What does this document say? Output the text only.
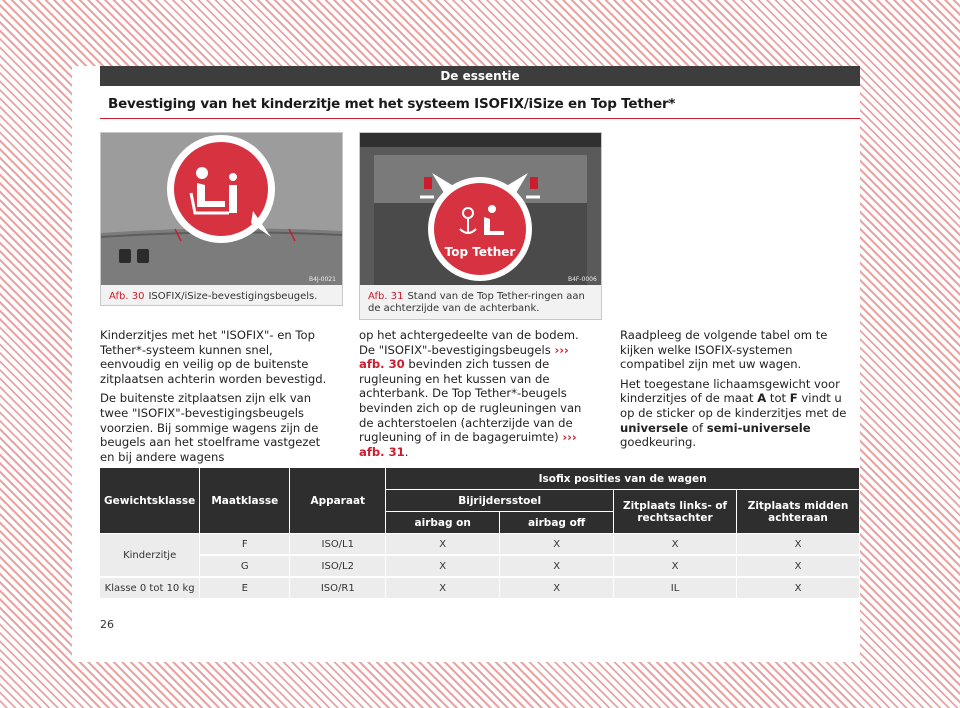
De essentie
Bevestiging van het kinderzitje met het systeem ISOFIX/iSize en Top Tether*
B4J-0021
Afb. 30 ISOFIX/iSize-bevestigingsbeugels.
Top Tether
B4F-0006
Afb. 31 Stand van de Top Tether-ringen aan de achterzijde van de achterbank.

Kinderzitjes met het "ISOFIX"- en Top Tether*-systeem kunnen snel, eenvoudig en veilig op de buitenste zitplaatsen achterin worden bevestigd.

De buitenste zitplaatsen zijn elk van twee "ISOFIX"-bevestigingsbeugels voorzien. Bij sommige wagens zijn de beugels aan het stoelframe vastgezet en bij andere wagens

op het achtergedeelte van de bodem. De "ISOFIX"-bevestigingsbeugels ››› afb. 30 bevinden zich tussen de rugleuning en het kussen van de achterbank. De Top Tether*-beugels bevinden zich op de rugleuningen van de achterstoelen (achterzijde van de rugleuning of in de bagageruimte) ››› afb. 31.

Raadpleeg de volgende tabel om te kijken welke ISOFIX-systemen compatibel zijn met uw wagen.

Het toegestane lichaamsgewicht voor kinderzitjes of de maat A tot F vindt u op de sticker op de kinderzitjes met de universele of semi-universele goedkeuring.

Gewichtsklasse	Maatklasse	Apparaat	Isofix posities van de wagen			
			Bijrijdersstoel		Zitplaats links- of rechtsachter	Zitplaats midden achteraan
			airbag on	airbag off		
Kinderzitje	F	ISO/L1	X	X	X	X
	G	ISO/L2	X	X	X	X
Klasse 0 tot 10 kg	E	ISO/R1	X	X	IL	X
26
